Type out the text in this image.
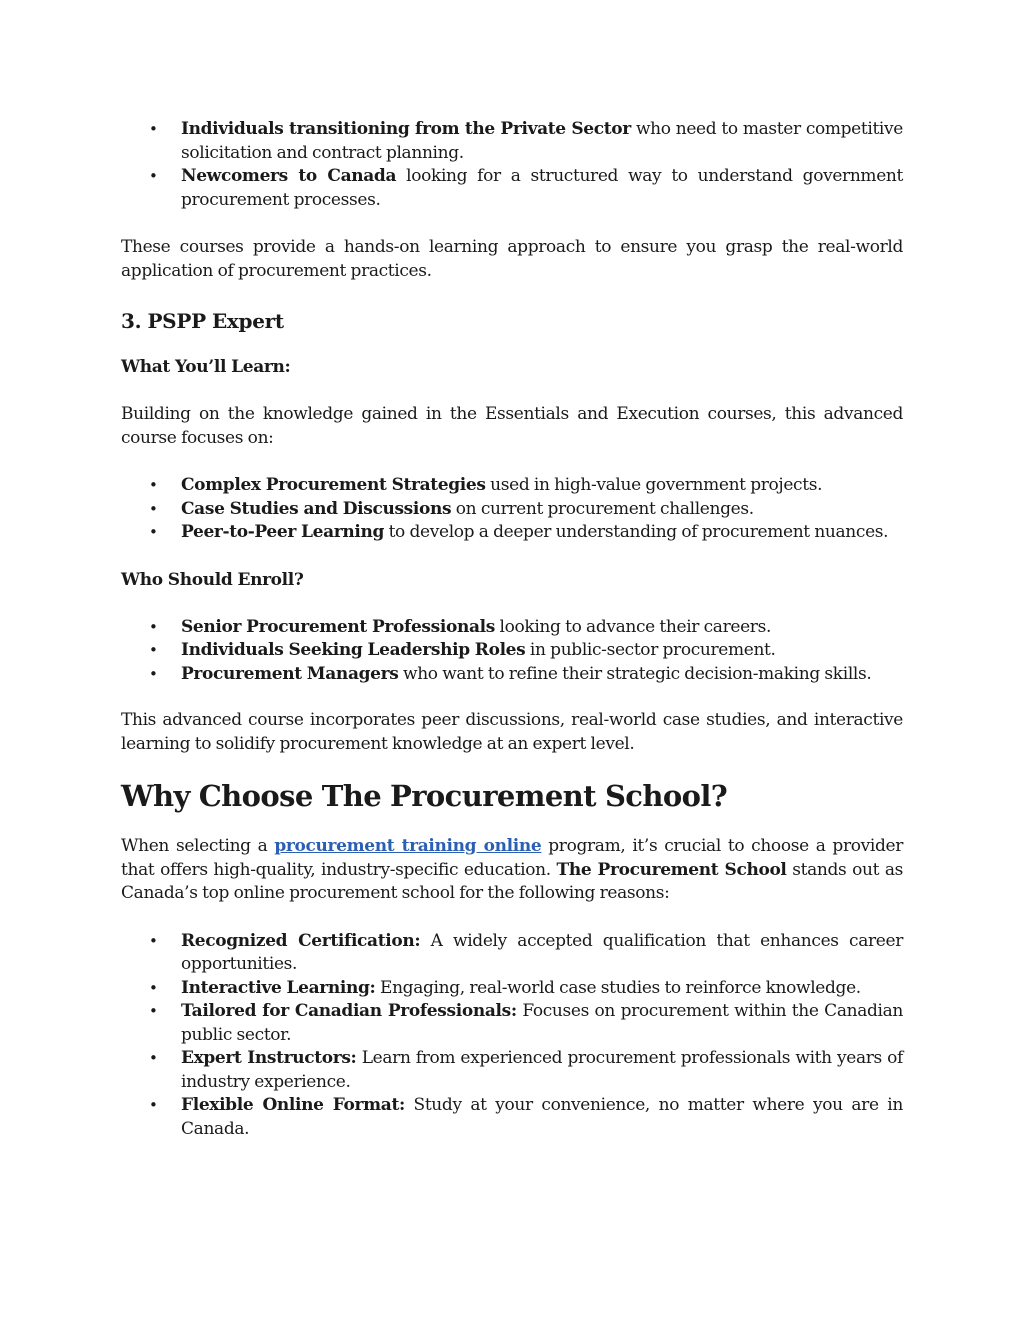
• Individuals transitioning from the Private Sector who need to master competitive solicitation and contract planning.
• Newcomers to Canada looking for a structured way to understand government procurement processes.

These courses provide a hands-on learning approach to ensure you grasp the real-world application of procurement practices.

3. PSPP Expert
What You’ll Learn:

Building on the knowledge gained in the Essentials and Execution courses, this advanced course focuses on:

• Complex Procurement Strategies used in high-value government projects.
• Case Studies and Discussions on current procurement challenges.
• Peer-to-Peer Learning to develop a deeper understanding of procurement nuances.
Who Should Enroll?
• Senior Procurement Professionals looking to advance their careers.
• Individuals Seeking Leadership Roles in public-sector procurement.
• Procurement Managers who want to refine their strategic decision-making skills.

This advanced course incorporates peer discussions, real-world case studies, and interactive learning to solidify procurement knowledge at an expert level.

Why Choose The Procurement School?

When selecting a procurement training online program, it’s crucial to choose a provider that offers high-quality, industry-specific education. The Procurement School stands out as Canada’s top online procurement school for the following reasons:

• Recognized Certification: A widely accepted qualification that enhances career opportunities.
• Interactive Learning: Engaging, real-world case studies to reinforce knowledge.
• Tailored for Canadian Professionals: Focuses on procurement within the Canadian public sector.
• Expert Instructors: Learn from experienced procurement professionals with years of industry experience.
• Flexible Online Format: Study at your convenience, no matter where you are in Canada.
